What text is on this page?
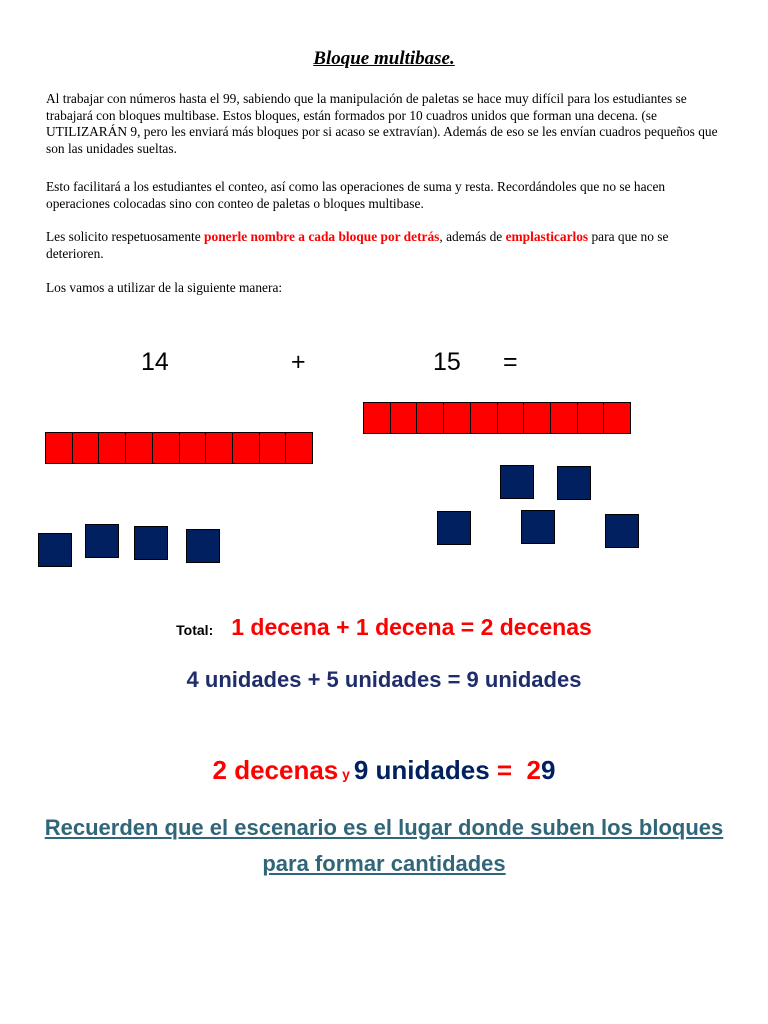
Bloque multibase.

Al trabajar con números hasta el 99, sabiendo que la manipulación de paletas se hace muy difícil para los estudiantes se trabajará con bloques multibase. Estos bloques, están formados por 10 cuadros unidos que forman una decena. (se UTILIZARÁN 9, pero les enviará más bloques por si acaso se extravían). Además de eso se les envían cuadros pequeños que son las unidades sueltas.

Esto facilitará a los estudiantes el conteo, así como las operaciones de suma y resta. Recordándoles que no se hacen operaciones colocadas sino con conteo de paletas o bloques multibase.

Les solicito respetuosamente ponerle nombre a cada bloque por detrás, además de emplasticarlos para que no se deterioren.

Los vamos a utilizar de la siguiente manera:

14	+	15 =
Total: 1 decena + 1 decena = 2 decenas
4 unidades + 5 unidades = 9 unidades
2 decenas y 9 unidades = 29
Recuerden que el escenario es el lugar donde suben los bloques
para formar cantidades
